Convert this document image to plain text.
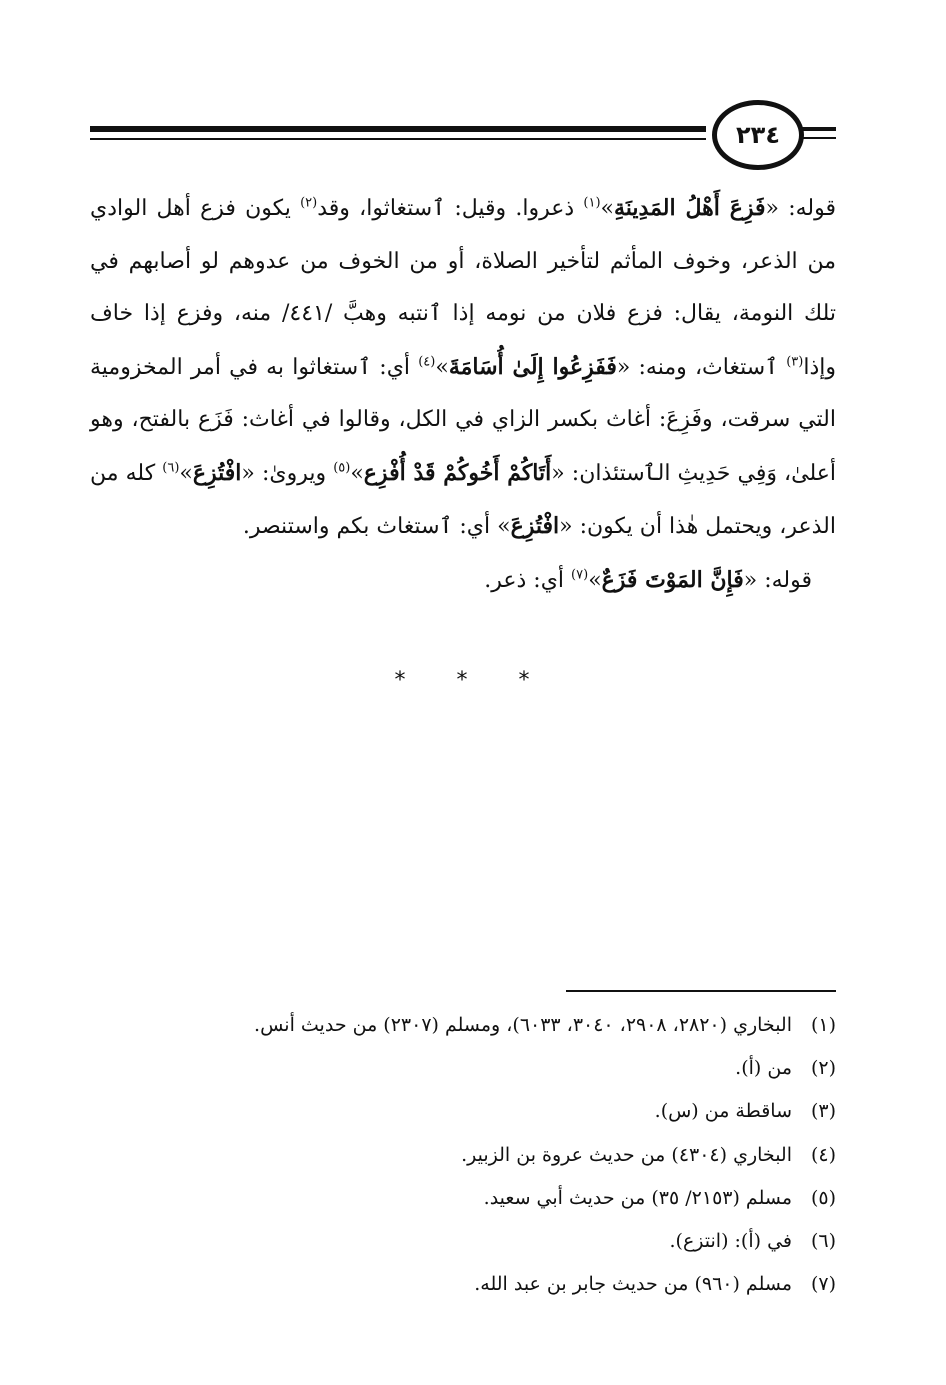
٢٣٤

قوله: «فَزِعَ أَهْلُ المَدِينَةِ»$^{(١)}$ ذعروا. وقيل: ٱستغاثوا، وقد$^{(٢)}$ يكون فزع أهل الوادي من الذعر، وخوف المأثم لتأخير الصلاة، أو من الخوف من عدوهم لو أصابهم في تلك النومة، يقال: فزع فلان من نومه إذا ٱنتبه وهبَّ /٤٤١/ منه، وفزع إذا خاف وإذا$^{(٣)}$ ٱستغاث، ومنه: «فَفَزِعُوا إِلَىٰ أُسَامَةَ»$^{(٤)}$ أي: ٱستغاثوا به في أمر المخزومية التي سرقت، وفَزِعَ: أغاث بكسر الزاي في الكل، وقالوا في أغاث: فَزَع بالفتح، وهو أعلىٰ، وَفِي حَدِيثِ الٱستئذان: «أَتَاكُمْ أَخُوكُمْ قَدْ أُفْزِع»$^{(٥)}$ ويرویٰ: «افْتُزِعَ»$^{(٦)}$ كله من الذعر، ويحتمل هٰذا أن يكون: «افْتُزِعَ» أي: ٱستغاث بكم واستنصر.

قوله: «فَإِنَّ المَوْتَ فَزَعٌ»$^{(٧)}$ أي: ذعر.

* * *
(١)
البخاري (٢٨٢٠، ٢٩٠٨، ٣٠٤٠، ٦٠٣٣)، ومسلم (٢٣٠٧) من حديث أنس.
(٢)
من (أ).
(٣)
ساقطة من (س).
(٤)
البخاري (٤٣٠٤) من حديث عروة بن الزبير.
(٥)
مسلم (٢١٥٣/ ٣٥) من حديث أبي سعيد.
(٦)
في (أ): (انتزع).
(٧)
مسلم (٩٦٠) من حديث جابر بن عبد الله.
